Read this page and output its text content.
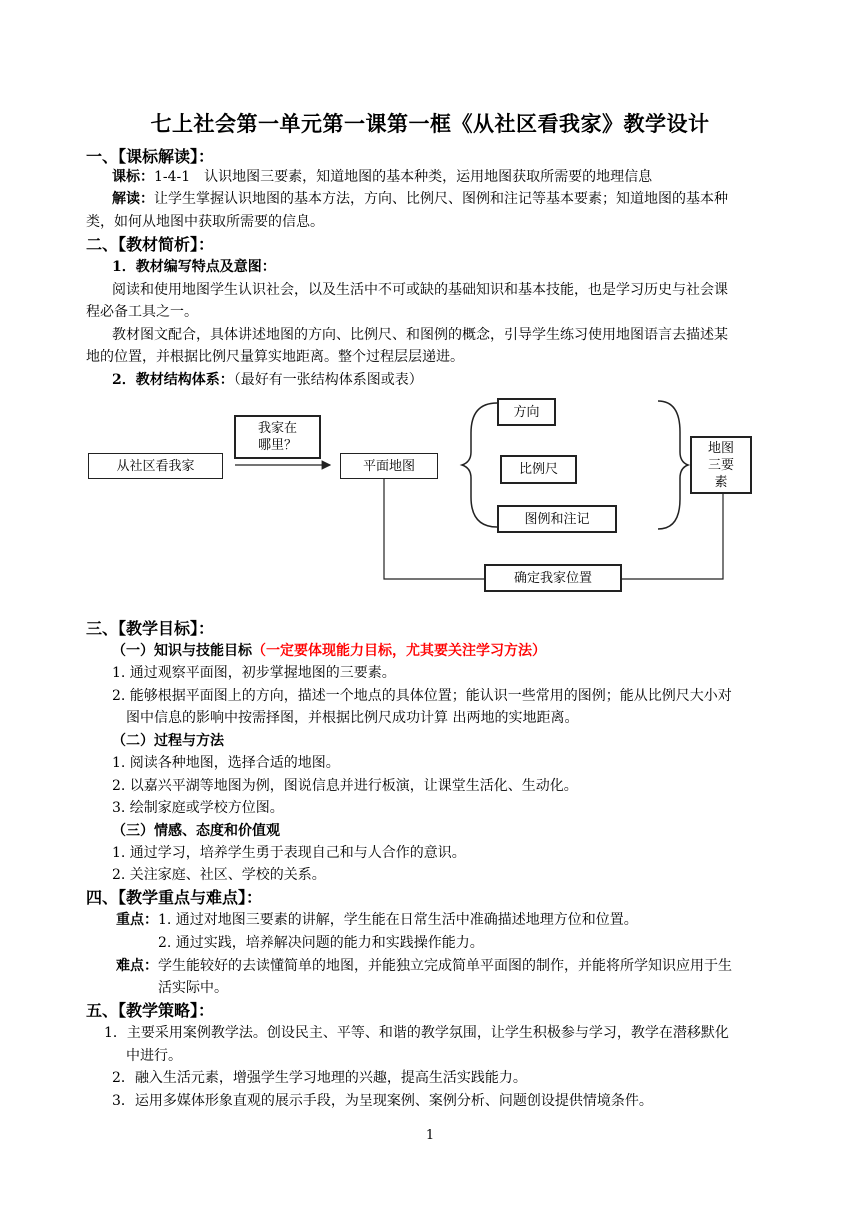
七上社会第一单元第一课第一框《从社区看我家》教学设计
一、【课标解读】：
课标：1-4-1　认识地图三要素，知道地图的基本种类，运用地图获取所需要的地理信息
解读：让学生掌握认识地图的基本方法，方向、比例尺、图例和注记等基本要素；知道地图的基本种
类，如何从地图中获取所需要的信息。
二、【教材简析】：
1．教材编写特点及意图：
阅读和使用地图学生认识社会，以及生活中不可或缺的基础知识和基本技能，也是学习历史与社会课
程必备工具之一。
教材图文配合，具体讲述地图的方向、比例尺、和图例的概念，引导学生练习使用地图语言去描述某
地的位置，并根据比例尺量算实地距离。整个过程层层递进。
2．教材结构体系：（最好有一张结构体系图或表）
从社区看我家
我家在
哪里？
平面地图
方向
比例尺
图例和注记
地图
三要
素
确定我家位置
三、【教学目标】：
（一）知识与技能目标（一定要体现能力目标，尤其要关注学习方法）
1. 通过观察平面图，初步掌握地图的三要素。
2. 能够根据平面图上的方向，描述一个地点的具体位置；能认识一些常用的图例；能从比例尺大小对
图中信息的影响中按需择图，并根据比例尺成功计算 出两地的实地距离。
（二）过程与方法
1. 阅读各种地图，选择合适的地图。
2. 以嘉兴平湖等地图为例，图说信息并进行板演，让课堂生活化、生动化。
3. 绘制家庭或学校方位图。
（三）情感、态度和价值观
1. 通过学习，培养学生勇于表现自己和与人合作的意识。
2. 关注家庭、社区、学校的关系。
四、【教学重点与难点】：
重点：1. 通过对地图三要素的讲解，学生能在日常生活中准确描述地理方位和位置。
2. 通过实践，培养解决问题的能力和实践操作能力。
难点：学生能较好的去读懂简单的地图，并能独立完成简单平面图的制作，并能将所学知识应用于生
活实际中。
五、【教学策略】：
1．主要采用案例教学法。创设民主、平等、和谐的教学氛围，让学生积极参与学习，教学在潜移默化
中进行。
2．融入生活元素，增强学生学习地理的兴趣，提高生活实践能力。
3．运用多媒体形象直观的展示手段，为呈现案例、案例分析、问题创设提供情境条件。
1
